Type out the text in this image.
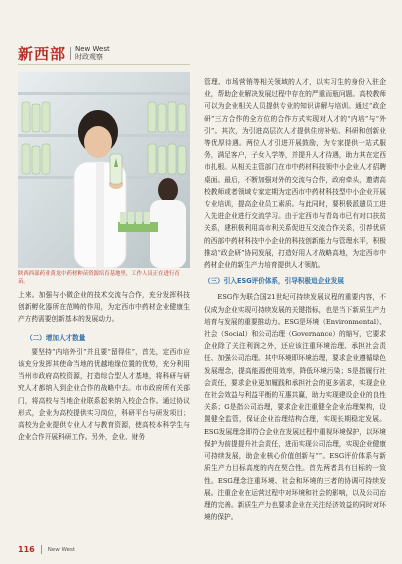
新西部 New West
时政观察
陕西西部药业黄龙中药材种苗资源培育基地里，工作人员正在进行育苗。

上来。加强与小微企业的技术交流与合作，充分发挥科技创新孵化器所在范畴的作用，为定西市中药材企业健康生产方药需要创新基本的发展动力。

（二）增加人才数量

要坚持“内培外引”并且要“留得住”，首先，定西市应该充分发挥其使命当地的优越地缘位置的优势，充分利用当州市政府高校资源，打造综合型人才基地，将科研与研究人才都纳入到企业合作的战略中去。市市政府所有关部门，将高校与当地企业联系起来纳入校企合作。通过协议形式，企业为高校提供实习岗位，科研平台与研发项目；高校为企业提供专业人才与教育资源，使高校本科学生与企业合作开展科研工作。另外，企业、财务

管理、市场营销等相关领域的人才，以实习生的身份入驻企业，帮助企业解决发展过程中存在的严重而瓶问题。高校教师可以为企业相关人员提供专业的知识讲解与培训。通过“政企研”三方合作的全方位的合作方式实现对人才的“内培”与“外引”。其次，为引进高层次人才提供住房补贴、科研和创新业等优厚待遇。两位人才引进开展鼓励，为专家提供一站式服务，满足客户，子女入学等，并提升人才待遇，助力其在定西市扎根。从相关主管部门在市中药材科技领中小企业人才招聘桌面。最后，不断加强对外的交流与合作，政府牵头，邀请高校教师或者领域专家定期为定西市中药材科技型中小企业开展专业培训，提高企业员工素质。与此同时，要积极派遣员工进入先进企业进行交流学习。由于定西市与青岛市已有对口扶贫关系，建积极利用高市利关系促进互交流合作关系，引荐优质的西部中药材科技中小企业的科技创新能力与管理水平，积极推动“政企研”协同发展，打造好用人才战略高地，为定西市中药材企业的新生产力培育提供人才领航。

（三）引入ESG评价体系，引导积极追企业发展

ESG作为联合国21世纪可持续发展议程的重要内容，不仅成为企业实现可持续发展的关键指标，也是当下新质生产力培育与发展的重要推动力。ESG是环境（Environmental）、社会（Social）和公司治理（Governance）的缩写，它要求企业除了关注利润之外，还应该注重环境治理、承担社会责任、加强公司治理。其中环境即环境治理，要求企业遵循绿色发展理念，提高能源使用效率，降低环境污染；S是指履行社会责任，要求企业更加履践和承担社会的更多需求，实现企业在社会效益与利益平衡的互惠共赢，助力实现建设企业的良性关系；G是指公司治理，要求企业注重健全企业治理架构，设置健全监管，保证企业治理结构合理，实现长期稳定发展。ESG发展理念即符合企业在发展过程中重视环境保护，以环境保护为前提提升社会责任，进而实现公司治理，实现企业健康可持续发展，助企业核心价值创新与“”。ESG评价体系与新质生产力目标高度的内在契合性。首先两者具有目标的一致性。ESG理念注重环境、社会和环境的三者的协调可持续发展。注重企业在运营过程中对环境和社会的影响，以及公司治理的完善。新质生产力也要求企业在关注经济效益的同时对环境的保护。

116 New West
